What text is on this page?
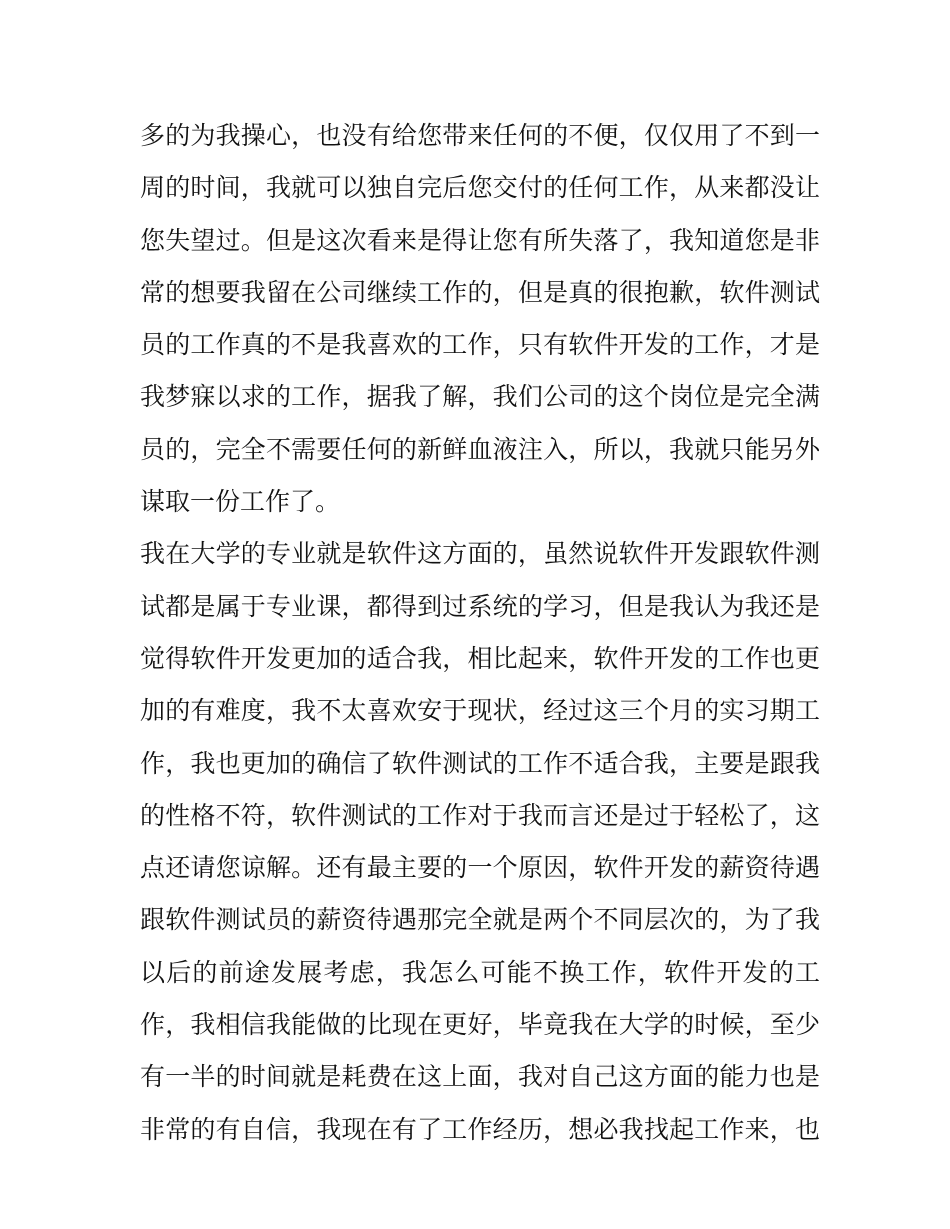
多的为我操心，也没有给您带来任何的不便，仅仅用了不到一
周的时间，我就可以独自完后您交付的任何工作，从来都没让
您失望过。但是这次看来是得让您有所失落了，我知道您是非
常的想要我留在公司继续工作的，但是真的很抱歉，软件测试
员的工作真的不是我喜欢的工作，只有软件开发的工作，才是
我梦寐以求的工作，据我了解，我们公司的这个岗位是完全满
员的，完全不需要任何的新鲜血液注入，所以，我就只能另外
谋取一份工作了。
我在大学的专业就是软件这方面的，虽然说软件开发跟软件测
试都是属于专业课，都得到过系统的学习，但是我认为我还是
觉得软件开发更加的适合我，相比起来，软件开发的工作也更
加的有难度，我不太喜欢安于现状，经过这三个月的实习期工
作，我也更加的确信了软件测试的工作不适合我，主要是跟我
的性格不符，软件测试的工作对于我而言还是过于轻松了，这
点还请您谅解。还有最主要的一个原因，软件开发的薪资待遇
跟软件测试员的薪资待遇那完全就是两个不同层次的，为了我
以后的前途发展考虑，我怎么可能不换工作，软件开发的工
作，我相信我能做的比现在更好，毕竟我在大学的时候，至少
有一半的时间就是耗费在这上面，我对自己这方面的能力也是
非常的有自信，我现在有了工作经历，想必我找起工作来，也
